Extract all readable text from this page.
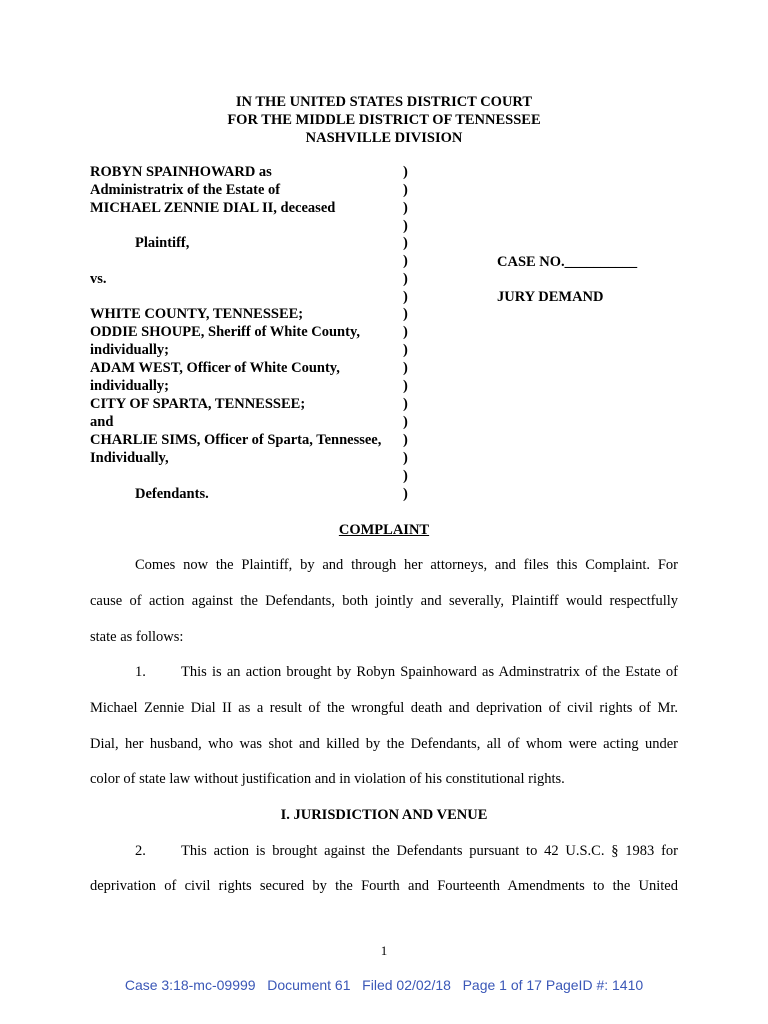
IN THE UNITED STATES DISTRICT COURT
FOR THE MIDDLE DISTRICT OF TENNESSEE
NASHVILLE DIVISION
ROBYN SPAINHOWARD as
Administratrix of the Estate of
MICHAEL ZENNIE DIAL II, deceased
Plaintiff,
vs.
WHITE COUNTY, TENNESSEE;
ODDIE SHOUPE, Sheriff of White County,
individually;
ADAM WEST, Officer of White County,
individually;
CITY OF SPARTA, TENNESSEE;
and
CHARLIE SIMS, Officer of Sparta, Tennessee,
Individually,
Defendants.
)
)
)
)
)
)
)
)
)
)
)
)
)
)
)
)
)
)
)
CASE NO.__________
JURY DEMAND
COMPLAINT
Comes now the Plaintiff, by and through her attorneys, and files this Complaint. For
cause of action against the Defendants, both jointly and severally, Plaintiff would respectfully
state as follows:
1. This is an action brought by Robyn Spainhoward as Adminstratrix of the Estate of
Michael Zennie Dial II as a result of the wrongful death and deprivation of civil rights of Mr.
Dial, her husband, who was shot and killed by the Defendants, all of whom were acting under
color of state law without justification and in violation of his constitutional rights.
I. JURISDICTION AND VENUE
2. This action is brought against the Defendants pursuant to 42 U.S.C. § 1983 for
deprivation of civil rights secured by the Fourth and Fourteenth Amendments to the United
1
Case 3:18-mc-09999   Document 61   Filed 02/02/18   Page 1 of 17 PageID #: 1410
